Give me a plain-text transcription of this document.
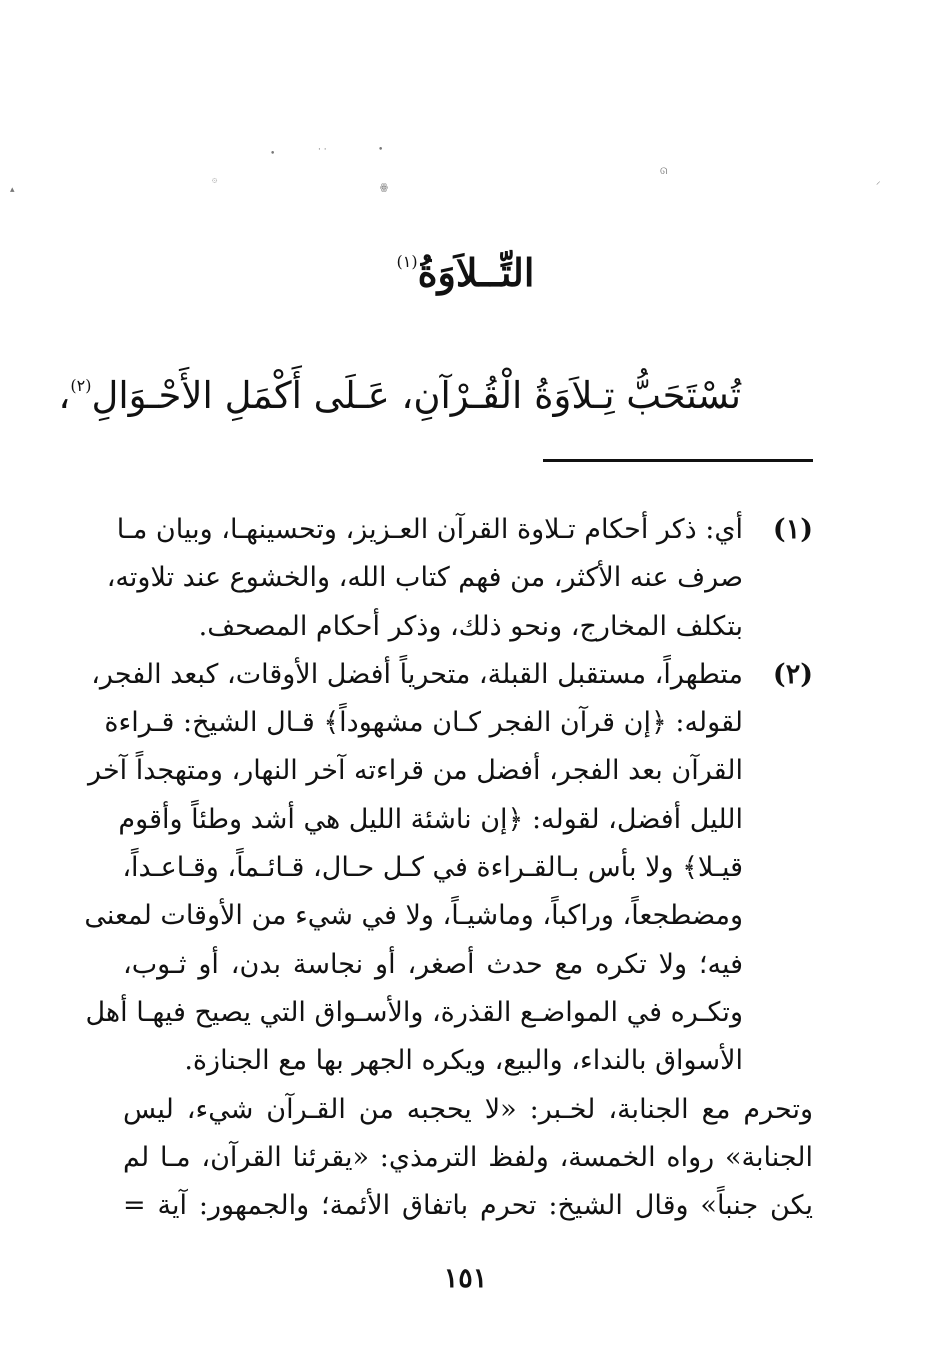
▴
۞
•	· ·	•
ꙮ
ᘏ
⸝
التِّــلاَوَةُ$^{(١)}$
تُسْتَحَبُّ تِـلاَوَةُ الْقُـرْآنِ، عَـلَى أَكْمَلِ الأَحْـوَالِ$^{(٢)}$،
(١)
أي: ذكر أحكام تـلاوة القرآن العـزيز، وتحسينهـا، وبيان مـا
صرف عنه الأكثر، من فهم كتاب الله، والخشوع عند تلاوته،
بتكلف المخارج، ونحو ذلك، وذكر أحكام المصحف.
(٢)
متطهراً، مستقبل القبلة، متحرياً أفضل الأوقات، كبعد الفجر،
لقوله: ﴿إن قرآن الفجر كـان مشهوداً﴾ قـال الشيخ: قـراءة
القرآن بعد الفجر، أفضل من قراءته آخر النهار، ومتهجداً آخر
الليل أفضل، لقوله: ﴿إن ناشئة الليل هي أشد وطئاً وأقوم
قيـلا﴾ ولا بأس بـالقـراءة في كـل حـال، قـائـماً، وقـاعـداً،
ومضطجعاً، وراكباً، وماشيـاً، ولا في شيء من الأوقات لمعنى
فيه؛ ولا تكره مع حدث أصغر، أو نجاسة بدن، أو ثـوب،
وتكـره في المواضـع القذرة، والأسـواق التي يصيح فيهـا أهل
الأسواق بالنداء، والبيع، ويكره الجهر بها مع الجنازة.
وتحرم مع الجنابة، لخـبر: «لا يحجبه من القـرآن شيء، ليس
الجنابة» رواه الخمسة، ولفظ الترمذي: «يقرئنا القرآن، مـا لم
يكن جنباً» وقال الشيخ: تحرم باتفاق الأئمة؛ والجمهور: آية =
١٥١
